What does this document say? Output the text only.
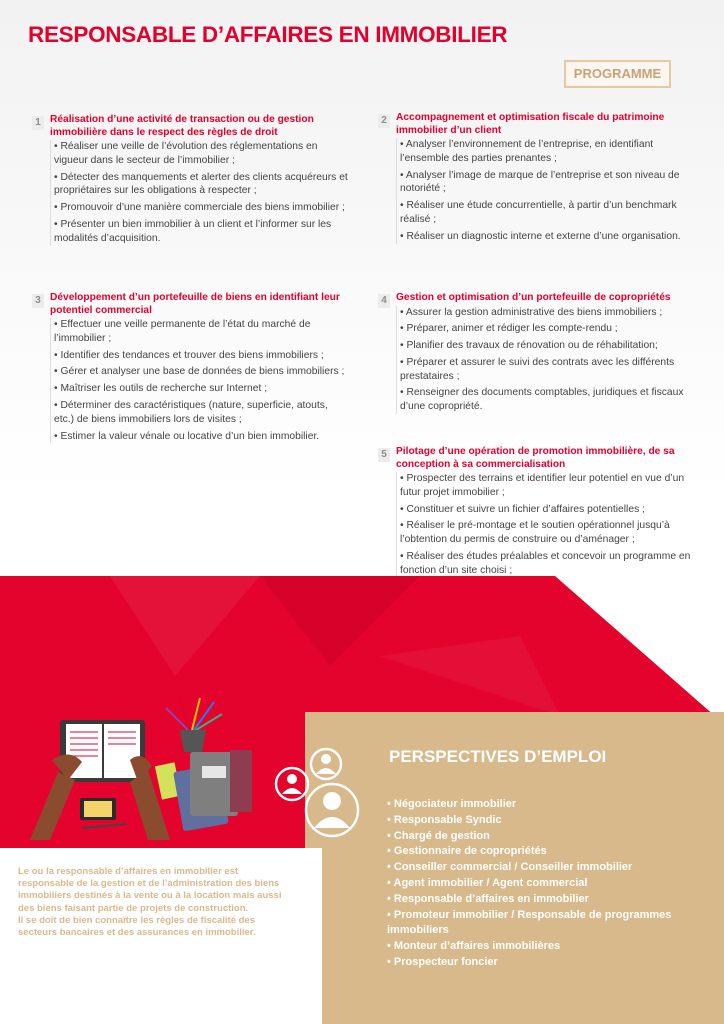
RESPONSABLE D’AFFAIRES EN IMMOBILIER
PROGRAMME
1 Réalisation d’une activité de transaction ou de gestion immobilière dans le respect des règles de droit
• Réaliser une veille de l’évolution des réglementations en vigueur dans le secteur de l’immobilier ;
• Détecter des manquements et alerter des clients acquéreurs et propriétaires sur les obligations à respecter ;
• Promouvoir d’une manière commerciale des biens immobilier ;
• Présenter un bien immobilier à un client et l’informer sur les modalités d’acquisition.
2 Accompagnement et optimisation fiscale du patrimoine immobilier d’un client
• Analyser l’environnement de l’entreprise, en identifiant l’ensemble des parties prenantes ;
• Analyser l’image de marque de l’entreprise et son niveau de notoriété ;
• Réaliser une étude concurrentielle, à partir d’un benchmark réalisé ;
• Réaliser un diagnostic interne et externe d’une organisation.
3 Développement d’un portefeuille de biens en identifiant leur potentiel commercial
• Effectuer une veille permanente de l’état du marché de l’immobilier ;
• Identifier des tendances et trouver des biens immobiliers ;
• Gérer et analyser une base de données de biens immobiliers ;
• Maîtriser les outils de recherche sur Internet ;
• Déterminer des caractéristiques (nature, superficie, atouts, etc.) de biens immobiliers lors de visites ;
• Estimer la valeur vénale ou locative d’un bien immobilier.
4 Gestion et optimisation d’un portefeuille de copropriétés
• Assurer la gestion administrative des biens immobiliers ;
• Préparer, animer et rédiger les compte-rendu ;
• Planifier des travaux de rénovation ou de réhabilitation;
• Préparer et assurer le suivi des contrats avec les différents prestataires ;
• Renseigner des documents comptables, juridiques et fiscaux d’une copropriété.
5 Pilotage d’une opération de promotion immobilière, de sa conception à sa commercialisation
• Prospecter des terrains et identifier leur potentiel en vue d’un futur projet immobilier ;
• Constituer et suivre un fichier d’affaires potentielles ;
• Réaliser le pré-montage et le soutien opérationnel jusqu’à l’obtention du permis de construire ou d’aménager ;
• Réaliser des études préalables et concevoir un programme en fonction d’un site choisi ;
PERSPECTIVES D’EMPLOI
• Négociateur immobilier
• Responsable Syndic
• Chargé de gestion
• Gestionnaire de copropriétés
• Conseiller commercial / Conseiller immobilier
• Agent immobilier / Agent commercial
• Responsable d’affaires en immobilier
• Promoteur immobilier / Responsable de programmes immobiliers
• Monteur d’affaires immobilières
• Prospecteur foncier

Le ou la responsable d’affaires en immobilier est responsable de la gestion et de l’administration des biens immobiliers destinés à la vente ou à la location mais aussi des biens faisant partie de projets de construction.

Il se doit de bien connaître les règles de fiscalité des secteurs bancaires et des assurances en immobilier.
